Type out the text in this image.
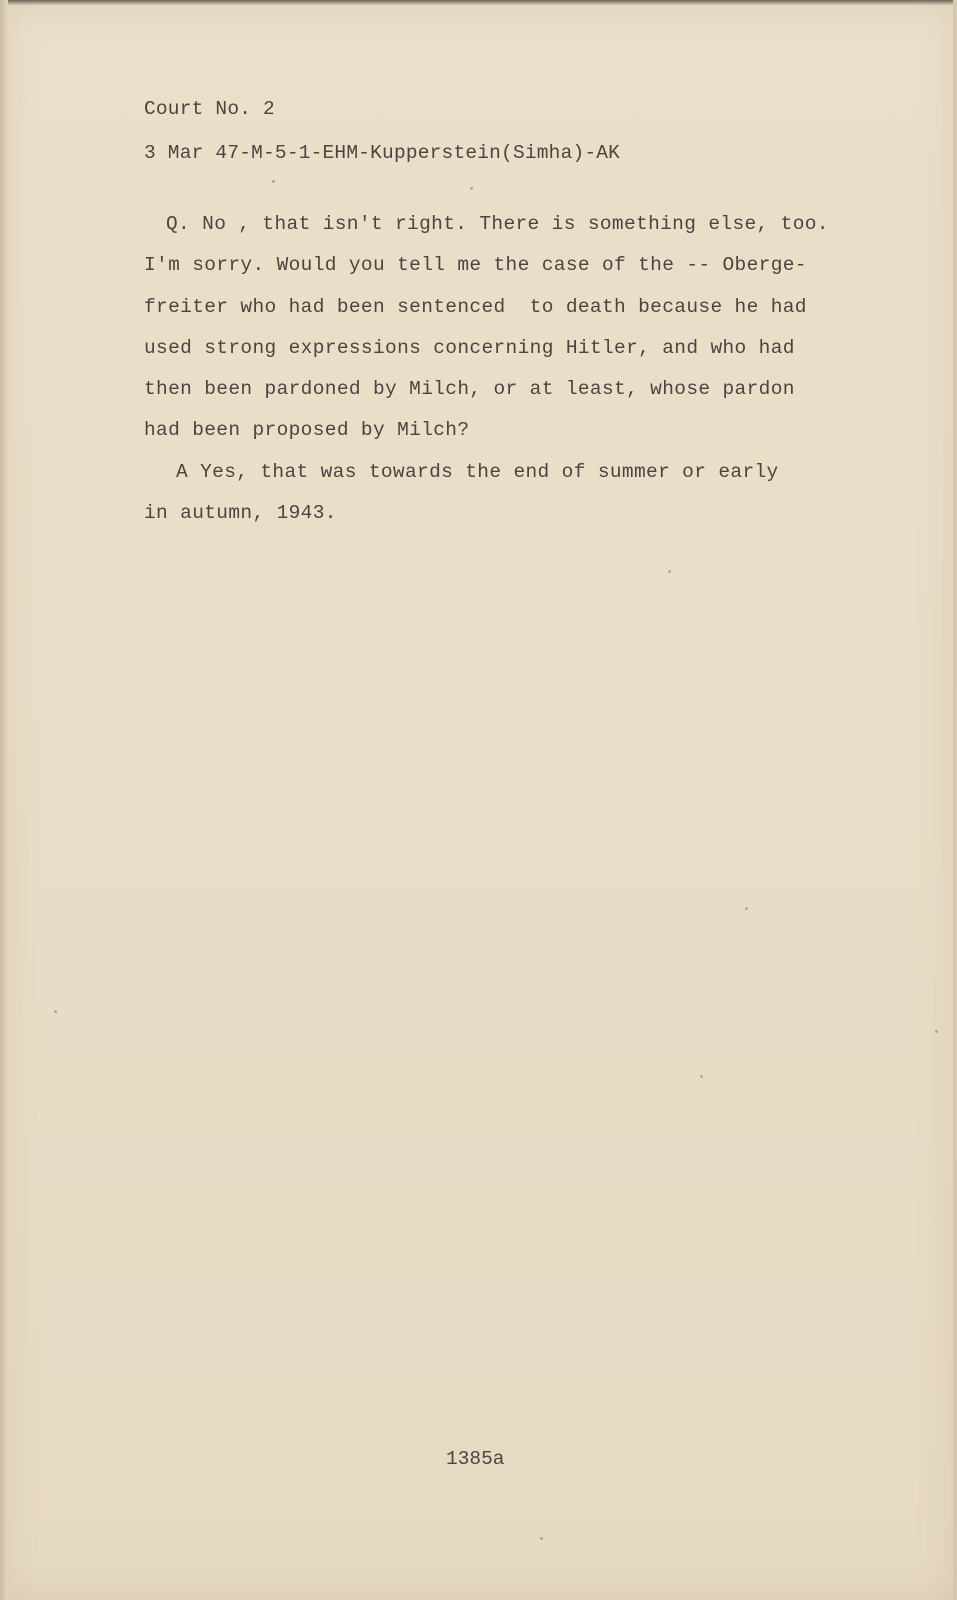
Court No. 2
3 Mar 47-M-5-1-EHM-Kupperstein(Simha)-AK
Q. No , that isn't right. There is something else, too.
I'm sorry. Would you tell me the case of the -- Oberge-
freiter who had been sentenced  to death because he had
used strong expressions concerning Hitler, and who had
then been pardoned by Milch, or at least, whose pardon
had been proposed by Milch?
A Yes, that was towards the end of summer or early
in autumn, 1943.
1385a
